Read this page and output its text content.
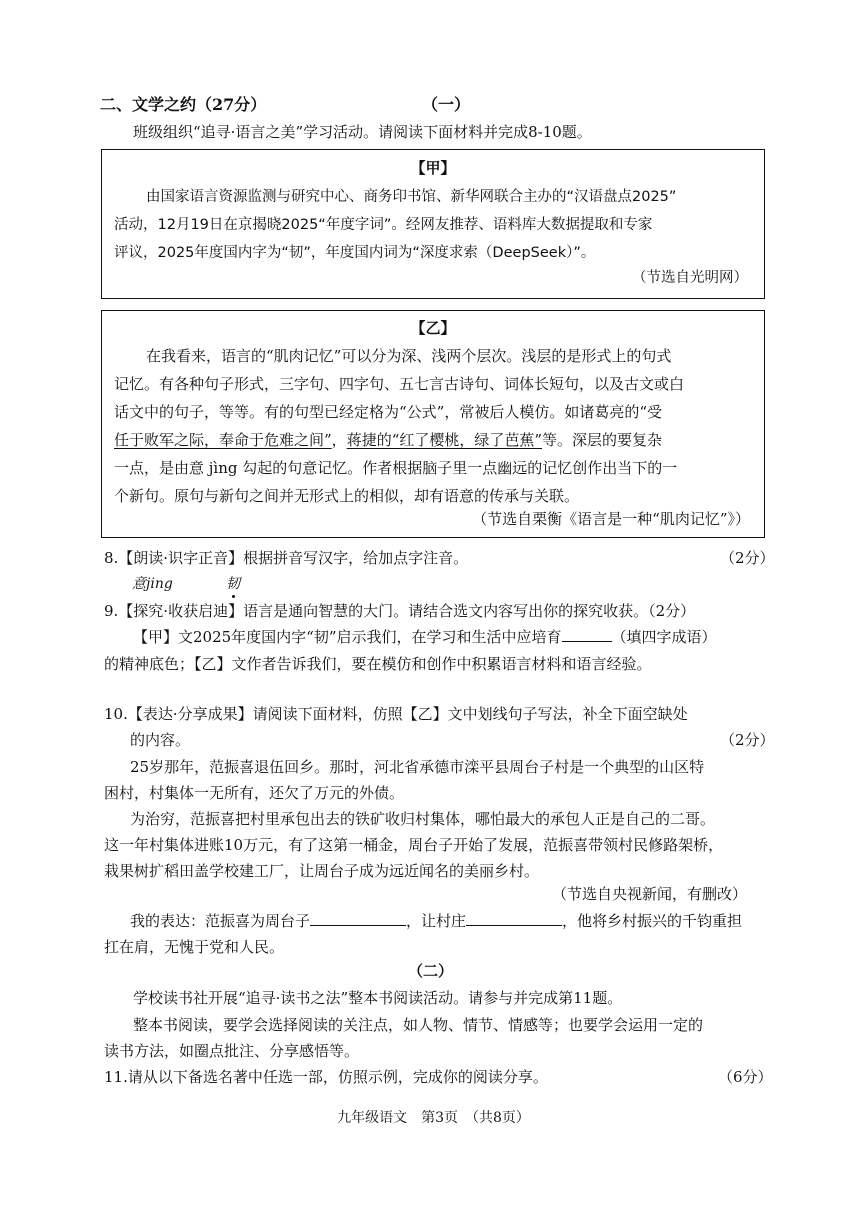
二、文学之约（27分）	（一）
班级组织“追寻·语言之美”学习活动。请阅读下面材料并完成8-10题。
【甲】
由国家语言资源监测与研究中心、商务印书馆、新华网联合主办的“汉语盘点2025”
活动，12月19日在京揭晓2025“年度字词”。经网友推荐、语料库大数据提取和专家
评议，2025年度国内字为“韧”，年度国内词为“深度求索（DeepSeek）”。
（节选自光明网）
【乙】
在我看来，语言的“肌肉记忆”可以分为深、浅两个层次。浅层的是形式上的句式
记忆。有各种句子形式，三字句、四字句、五七言古诗句、词体长短句，以及古文或白
话文中的句子，等等。有的句型已经定格为“公式”，常被后人模仿。如诸葛亮的“受
任于败军之际，奉命于危难之间”，蒋捷的“红了樱桃，绿了芭蕉”等。深层的要复杂
一点，是由意 jìng 勾起的句意记忆。作者根据脑子里一点幽远的记忆创作出当下的一
个新句。原句与新句之间并无形式上的相似，却有语意的传承与关联。
（节选自栗衡《语言是一种“肌肉记忆”》）
8.【朗读·识字正音】根据拼音写汉字，给加点字注音。	（2分）
意jing	韧
9.【探究·收获启迪】语言是通向智慧的大门。请结合选文内容写出你的探究收获。（2分）
【甲】文2025年度国内字“韧”启示我们，在学习和生活中应培育	（填四字成语）
的精神底色；【乙】文作者告诉我们，要在模仿和创作中积累语言材料和语言经验。
10.【表达·分享成果】请阅读下面材料，仿照【乙】文中划线句子写法，补全下面空缺处
的内容。	（2分）
25岁那年，范振喜退伍回乡。那时，河北省承德市滦平县周台子村是一个典型的山区特
困村，村集体一无所有，还欠了万元的外债。
为治穷，范振喜把村里承包出去的铁矿收归村集体，哪怕最大的承包人正是自己的二哥。
这一年村集体进账10万元，有了这第一桶金，周台子开始了发展，范振喜带领村民修路架桥，
栽果树扩稻田盖学校建工厂，让周台子成为远近闻名的美丽乡村。
（节选自央视新闻，有删改）
我的表达：范振喜为周台子	，让村庄	，他将乡村振兴的千钧重担
扛在肩，无愧于党和人民。
（二）
学校读书社开展“追寻·读书之法”整本书阅读活动。请参与并完成第11题。
整本书阅读，要学会选择阅读的关注点，如人物、情节、情感等；也要学会运用一定的
读书方法，如圈点批注、分享感悟等。
11.请从以下备选名著中任选一部，仿照示例，完成你的阅读分享。	（6分）
九年级语文　第3页　（共8页）
